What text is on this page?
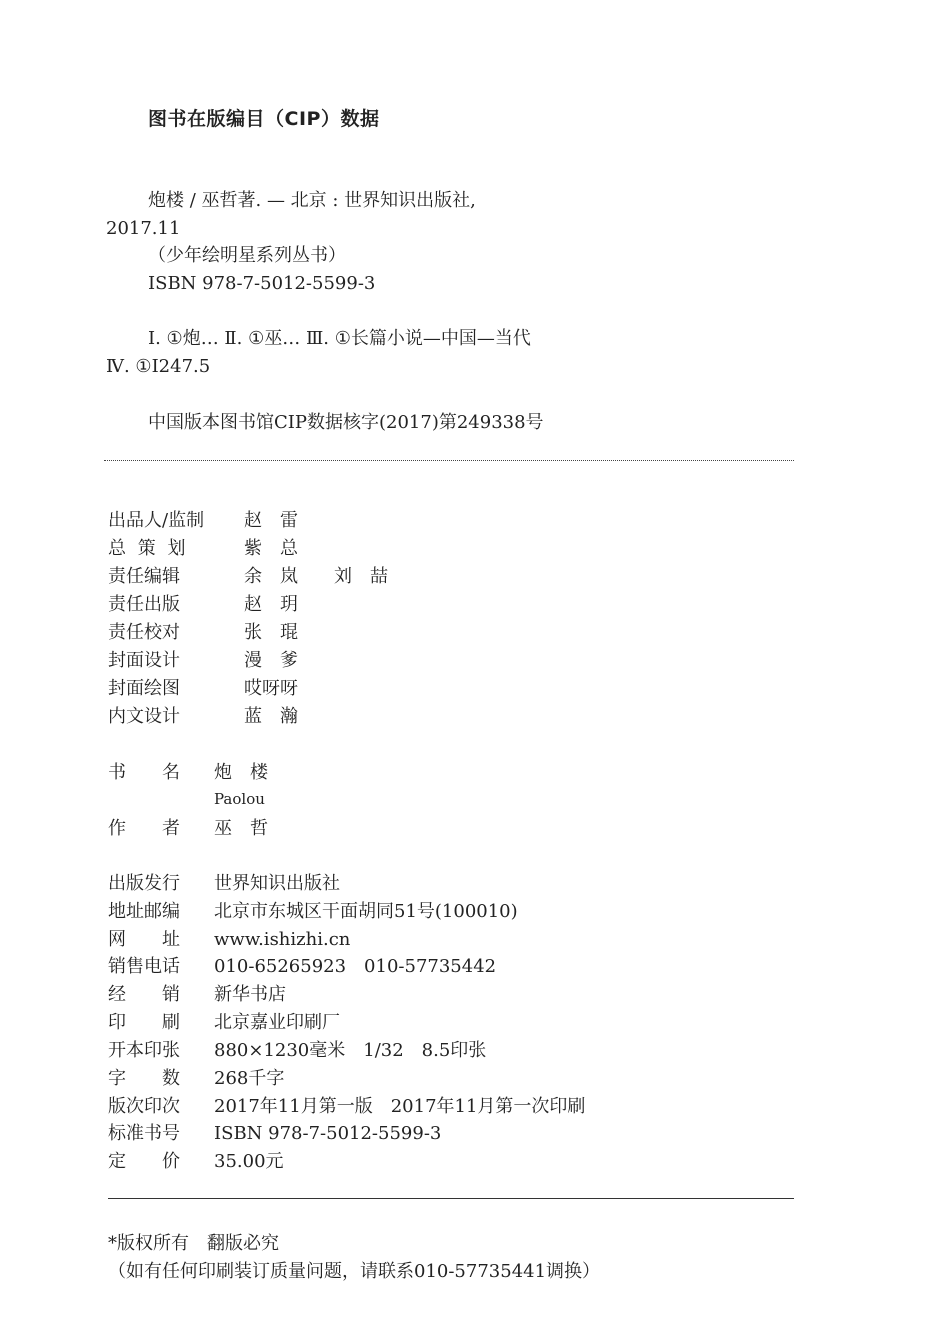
图书在版编目（CIP）数据
炮楼 / 巫哲著. — 北京 : 世界知识出版社,
2017.11
（少年绘明星系列丛书）
ISBN 978-7-5012-5599-3
Ⅰ. ①炮… Ⅱ. ①巫… Ⅲ. ①长篇小说—中国—当代
Ⅳ. ①I247.5
中国版本图书馆CIP数据核字(2017)第249338号
出品人/监制 赵　雷
总 策 划	紫　总
责任编辑	余　岚　　刘　喆
责任出版	赵　玥
责任校对	张　琨
封面设计	漫　爹
封面绘图	哎呀呀
内文设计	蓝　瀚
书　　名 炮　楼
Paolou
作　　者 巫　哲
出版发行 世界知识出版社
地址邮编 北京市东城区干面胡同51号(100010)
网　　址 www.ishizhi.cn
销售电话 010-65265923　010-57735442
经　　销 新华书店
印　　刷 北京嘉业印刷厂
开本印张 880×1230毫米　1/32　8.5印张
字　　数 268千字
版次印次 2017年11月第一版　2017年11月第一次印刷
标准书号 ISBN 978-7-5012-5599-3
定　　价 35.00元
*版权所有　翻版必究
（如有任何印刷装订质量问题，请联系010-57735441调换）
